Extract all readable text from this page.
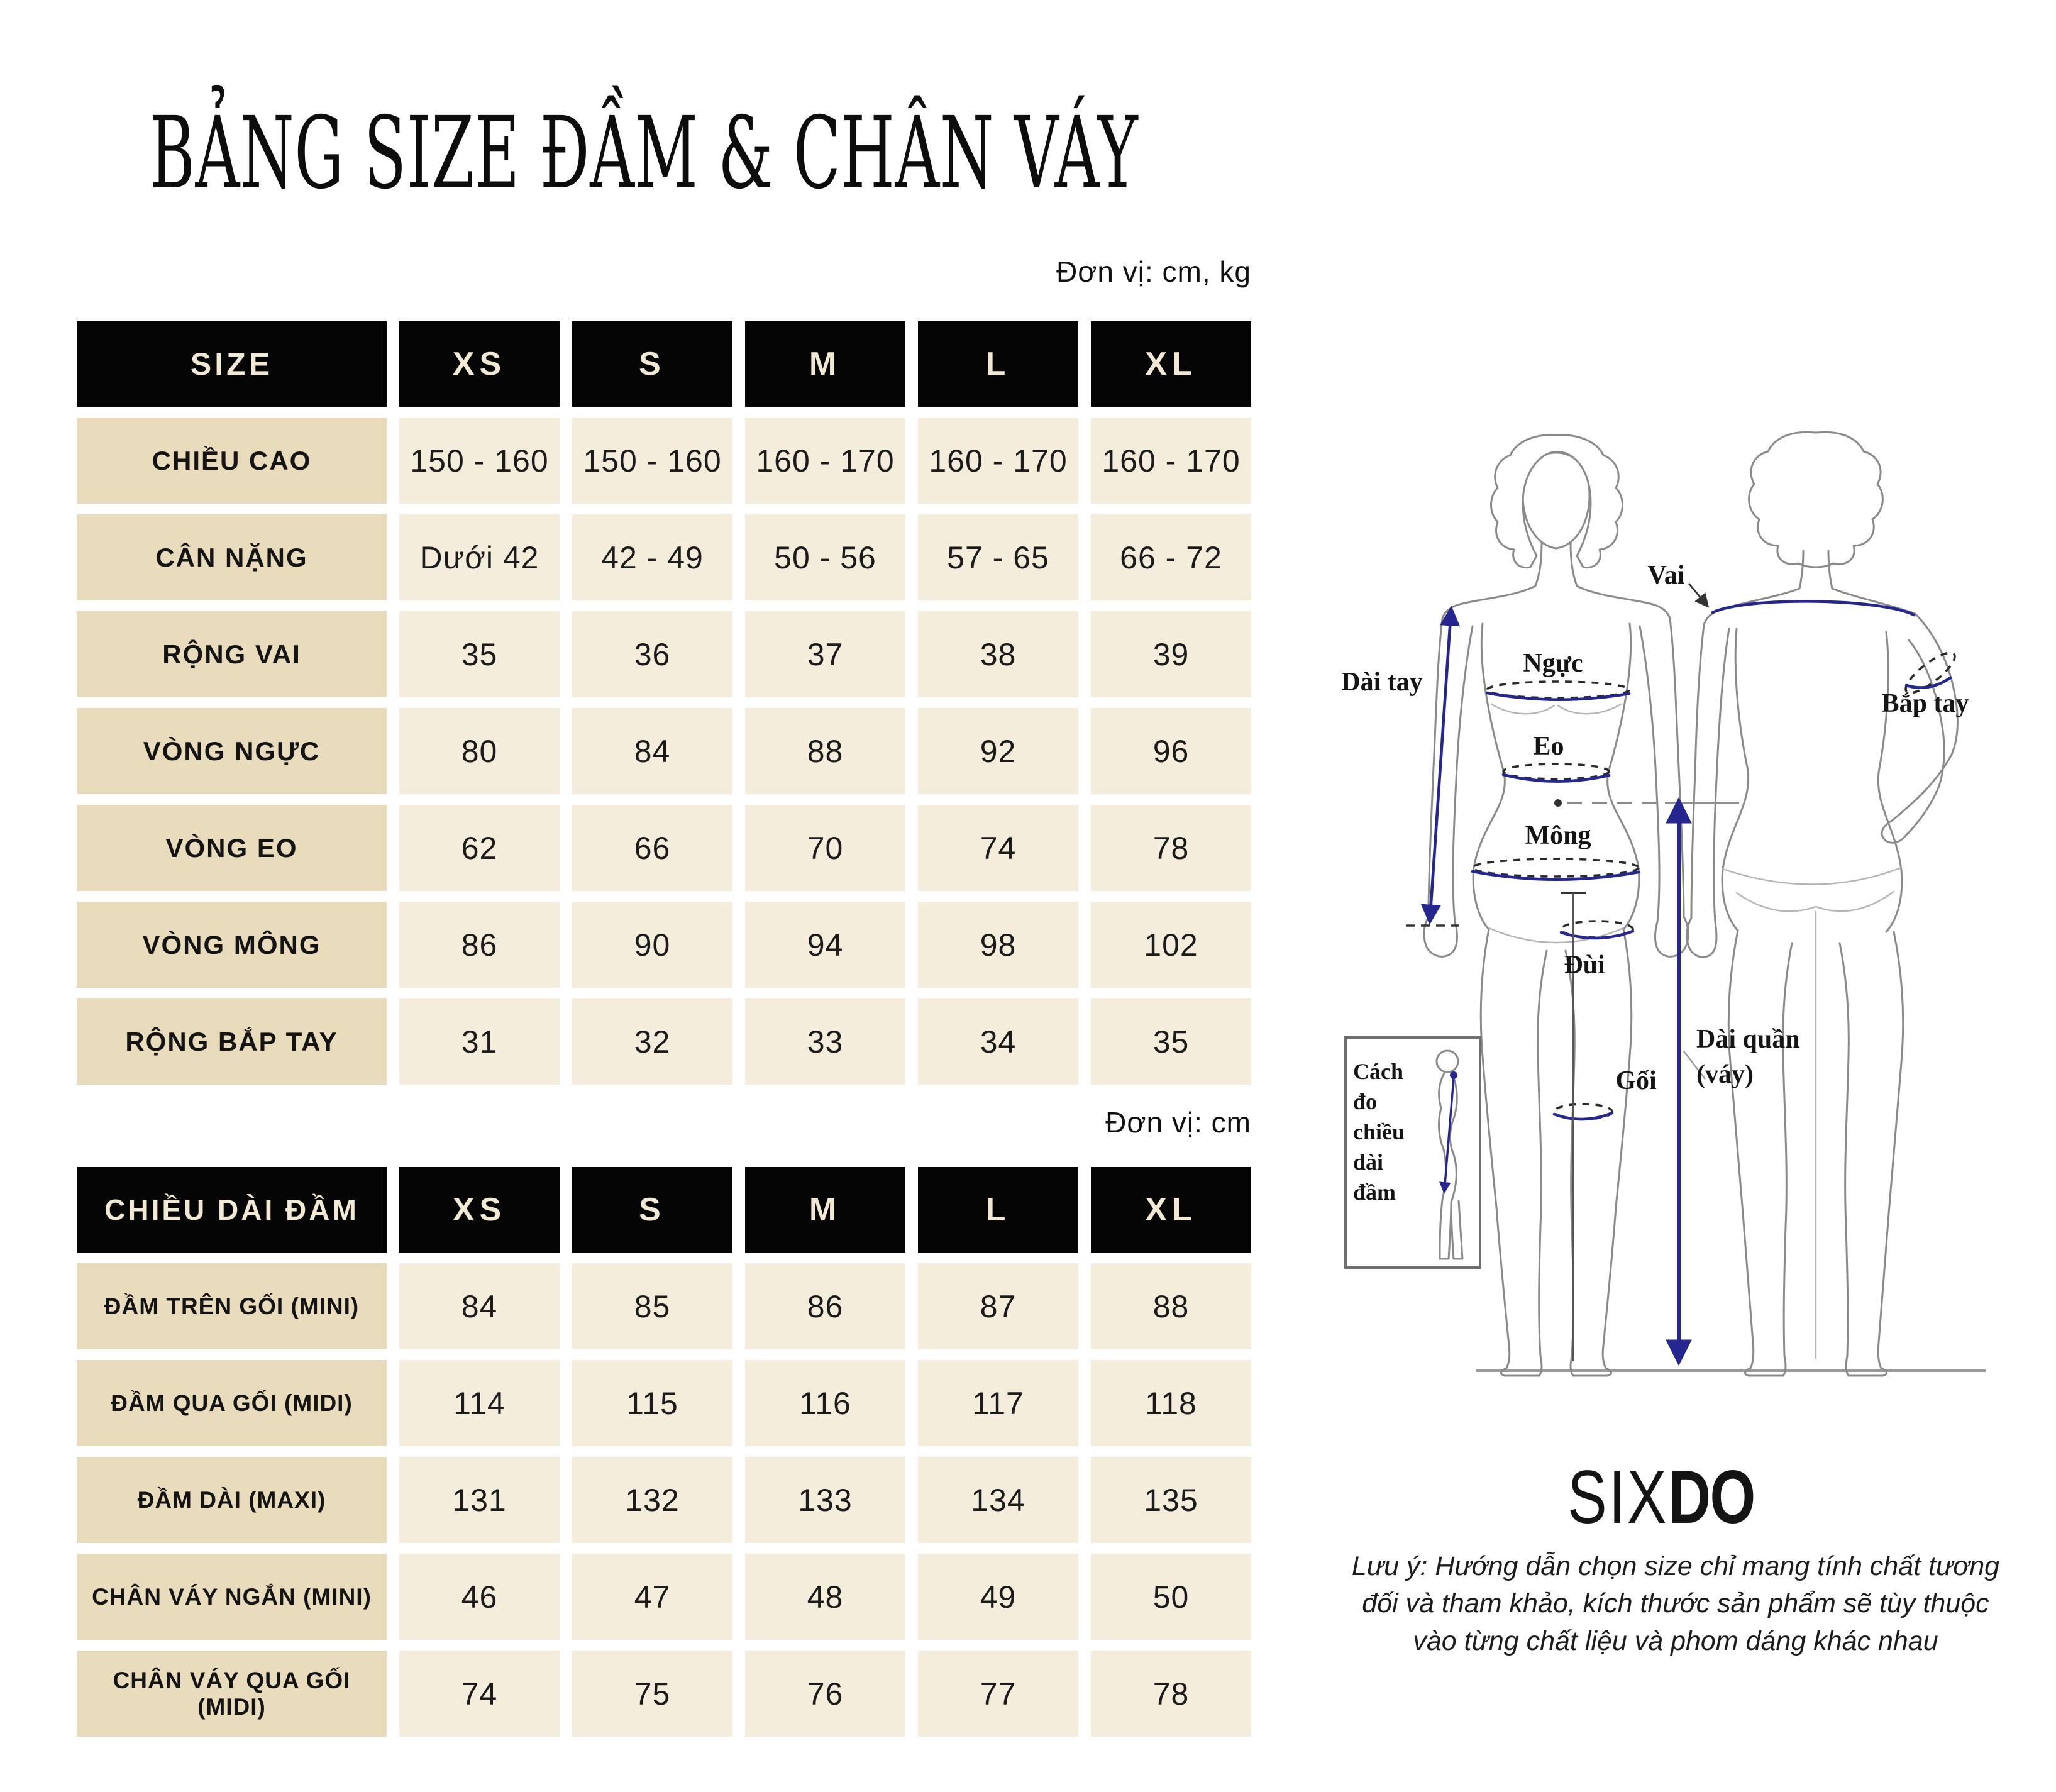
BẢNG SIZE ĐẦM & CHÂN VÁY
Đơn vị: cm, kg
SIZE	XS	S	M	L	XL
CHIỀU CAO	150 - 160	150 - 160	160 - 170	160 - 170	160 - 170
CÂN NẶNG	Dưới 42	42 - 49	50 - 56	57 - 65	66 - 72
RỘNG VAI	35	36	37	38	39
VÒNG NGỰC	80	84	88	92	96
VÒNG EO	62	66	70	74	78
VÒNG MÔNG	86	90	94	98	102
RỘNG BẮP TAY	31	32	33	34	35
Đơn vị: cm
CHIỀU DÀI ĐẦM	XS	S	M	L	XL
ĐẦM TRÊN GỐI (MINI)	84	85	86	87	88
ĐẦM QUA GỐI (MIDI)	114	115	116	117	118
ĐẦM DÀI (MAXI)	131	132	133	134	135
CHÂN VÁY NGẮN (MINI)	46	47	48	49	50
CHÂN VÁY QUA GỐI (MIDI)	74	75	76	77	78
Cách
đo
chiều
dài
đầm
Vai
Ngực
Eo
Mông
Dài tay
Bắp tay
Đùi
Gối
Dài quần
(váy)
SIXDO
Lưu ý: Hướng dẫn chọn size chỉ mang tính chất tương
đối và tham khảo, kích thước sản phẩm sẽ tùy thuộc
vào từng chất liệu và phom dáng khác nhau
